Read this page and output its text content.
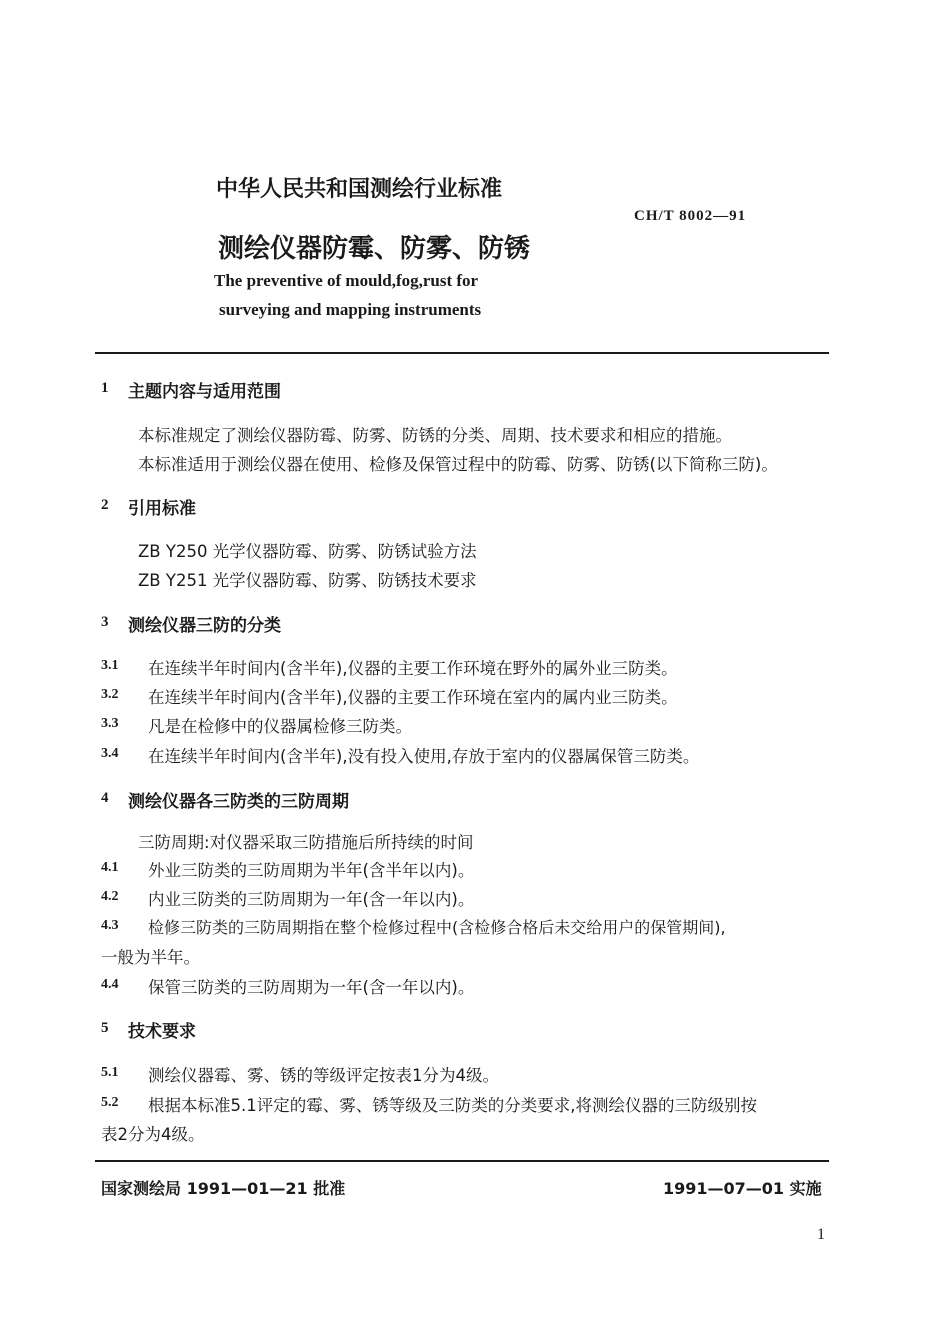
中华人民共和国测绘行业标准
CH/T 8002—91
测绘仪器防霉、防雾、防锈
The preventive of mould,fog,rust for
surveying and mapping instruments
1 主题内容与适用范围
本标准规定了测绘仪器防霉、防雾、防锈的分类、周期、技术要求和相应的措施。
本标准适用于测绘仪器在使用、检修及保管过程中的防霉、防雾、防锈(以下简称三防)。
2 引用标准
ZB Y250 光学仪器防霉、防雾、防锈试验方法
ZB Y251 光学仪器防霉、防雾、防锈技术要求
3 测绘仪器三防的分类
3.1 在连续半年时间内(含半年),仪器的主要工作环境在野外的属外业三防类。
3.2 在连续半年时间内(含半年),仪器的主要工作环境在室内的属内业三防类。
3.3 凡是在检修中的仪器属检修三防类。
3.4 在连续半年时间内(含半年),没有投入使用,存放于室内的仪器属保管三防类。
4 测绘仪器各三防类的三防周期
三防周期:对仪器采取三防措施后所持续的时间
4.1 外业三防类的三防周期为半年(含半年以内)。
4.2 内业三防类的三防周期为一年(含一年以内)。
4.3 检修三防类的三防周期指在整个检修过程中(含检修合格后未交给用户的保管期间),
一般为半年。
4.4 保管三防类的三防周期为一年(含一年以内)。
5 技术要求
5.1 测绘仪器霉、雾、锈的等级评定按表1分为4级。
5.2 根据本标准5.1评定的霉、雾、锈等级及三防类的分类要求,将测绘仪器的三防级别按
表2分为4级。
国家测绘局 1991—01—21 批准	1991—07—01 实施
1
